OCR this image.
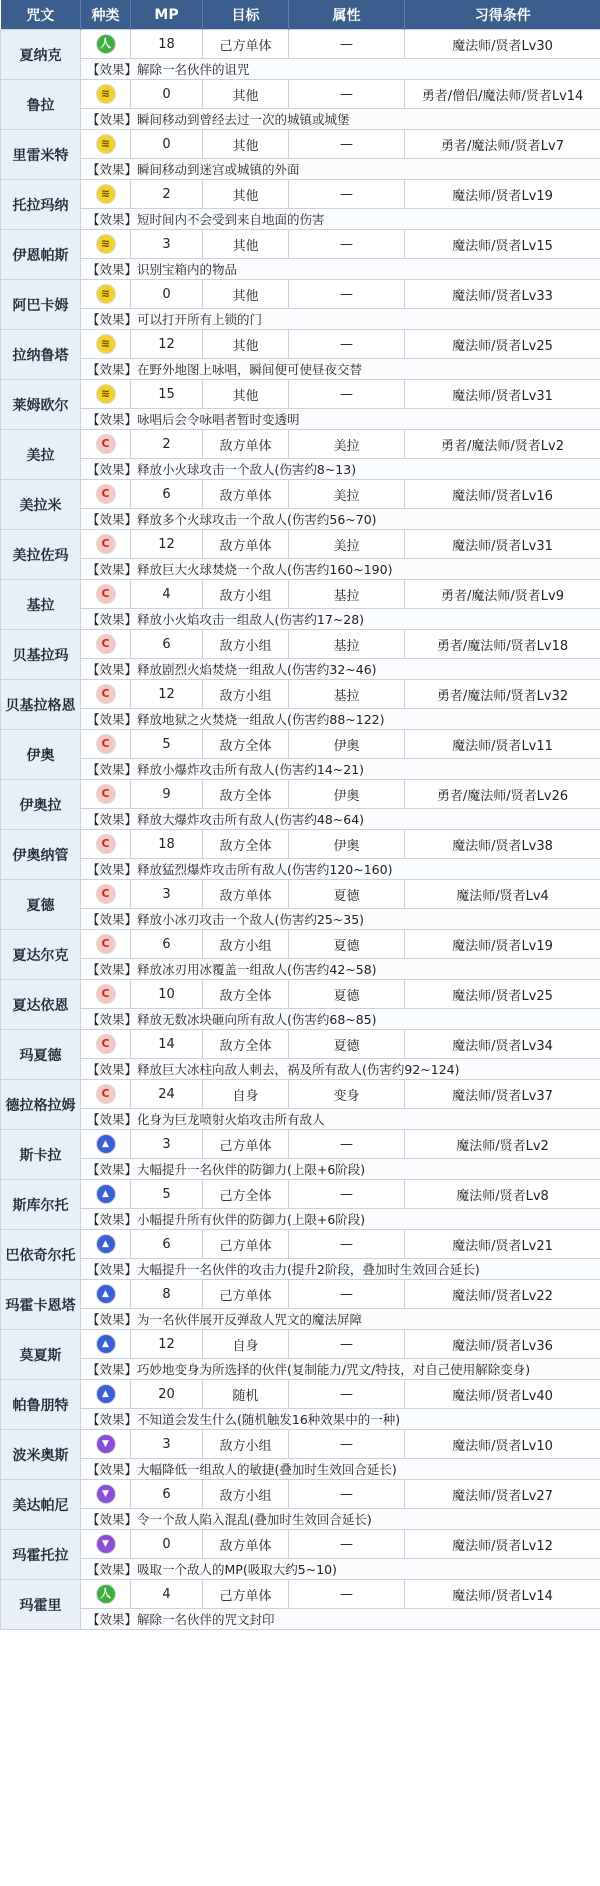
咒文	种类	MP	目标	属性	习得条件
夏纳克	人	18	己方单体	—	魔法师/贤者Lv30
	【效果】解除一名伙伴的诅咒				
鲁拉	≋	0	其他	—	勇者/僧侣/魔法师/贤者Lv14
	【效果】瞬间移动到曾经去过一次的城镇或城堡				
里雷米特	≋	0	其他	—	勇者/魔法师/贤者Lv7
	【效果】瞬间移动到迷宫或城镇的外面				
托拉玛纳	≋	2	其他	—	魔法师/贤者Lv19
	【效果】短时间内不会受到来自地面的伤害				
伊恩帕斯	≋	3	其他	—	魔法师/贤者Lv15
	【效果】识别宝箱内的物品				
阿巴卡姆	≋	0	其他	—	魔法师/贤者Lv33
	【效果】可以打开所有上锁的门				
拉纳鲁塔	≋	12	其他	—	魔法师/贤者Lv25
	【效果】在野外地图上咏唱，瞬间便可使昼夜交替				
莱姆欧尔	≋	15	其他	—	魔法师/贤者Lv31
	【效果】咏唱后会令咏唱者暂时变透明				
美拉	C	2	敌方单体	美拉	勇者/魔法师/贤者Lv2
	【效果】释放小火球攻击一个敌人(伤害约8~13)				
美拉米	C	6	敌方单体	美拉	魔法师/贤者Lv16
	【效果】释放多个火球攻击一个敌人(伤害约56~70)				
美拉佐玛	C	12	敌方单体	美拉	魔法师/贤者Lv31
	【效果】释放巨大火球焚烧一个敌人(伤害约160~190)				
基拉	C	4	敌方小组	基拉	勇者/魔法师/贤者Lv9
	【效果】释放小火焰攻击一组敌人(伤害约17~28)				
贝基拉玛	C	6	敌方小组	基拉	勇者/魔法师/贤者Lv18
	【效果】释放剧烈火焰焚烧一组敌人(伤害约32~46)				
贝基拉格恩	C	12	敌方小组	基拉	勇者/魔法师/贤者Lv32
	【效果】释放地狱之火焚烧一组敌人(伤害约88~122)				
伊奥	C	5	敌方全体	伊奥	魔法师/贤者Lv11
	【效果】释放小爆炸攻击所有敌人(伤害约14~21)				
伊奥拉	C	9	敌方全体	伊奥	勇者/魔法师/贤者Lv26
	【效果】释放大爆炸攻击所有敌人(伤害约48~64)				
伊奥纳管	C	18	敌方全体	伊奥	魔法师/贤者Lv38
	【效果】释放猛烈爆炸攻击所有敌人(伤害约120~160)				
夏德	C	3	敌方单体	夏德	魔法师/贤者Lv4
	【效果】释放小冰刃攻击一个敌人(伤害约25~35)				
夏达尔克	C	6	敌方小组	夏德	魔法师/贤者Lv19
	【效果】释放冰刃用冰覆盖一组敌人(伤害约42~58)				
夏达依恩	C	10	敌方全体	夏德	魔法师/贤者Lv25
	【效果】释放无数冰块砸向所有敌人(伤害约68~85)				
玛夏德	C	14	敌方全体	夏德	魔法师/贤者Lv34
	【效果】释放巨大冰柱向敌人刺去，祸及所有敌人(伤害约92~124)				
德拉格拉姆	C	24	自身	变身	魔法师/贤者Lv37
	【效果】化身为巨龙喷射火焰攻击所有敌人				
斯卡拉	▲	3	己方单体	—	魔法师/贤者Lv2
	【效果】大幅提升一名伙伴的防御力(上限+6阶段)				
斯库尔托	▲	5	己方全体	—	魔法师/贤者Lv8
	【效果】小幅提升所有伙伴的防御力(上限+6阶段)				
巴依奇尔托	▲	6	己方单体	—	魔法师/贤者Lv21
	【效果】大幅提升一名伙伴的攻击力(提升2阶段，叠加时生效回合延长)				
玛霍卡恩塔	▲	8	己方单体	—	魔法师/贤者Lv22
	【效果】为一名伙伴展开反弹敌人咒文的魔法屏障				
莫夏斯	▲	12	自身	—	魔法师/贤者Lv36
	【效果】巧妙地变身为所选择的伙伴(复制能力/咒文/特技，对自己使用解除变身)				
帕鲁朋特	▲	20	随机	—	魔法师/贤者Lv40
	【效果】不知道会发生什么(随机触发16种效果中的一种)				
波米奥斯	▼	3	敌方小组	—	魔法师/贤者Lv10
	【效果】大幅降低一组敌人的敏捷(叠加时生效回合延长)				
美达帕尼	▼	6	敌方小组	—	魔法师/贤者Lv27
	【效果】令一个敌人陷入混乱(叠加时生效回合延长)				
玛霍托拉	▼	0	敌方单体	—	魔法师/贤者Lv12
	【效果】吸取一个敌人的MP(吸取大约5~10)				
玛霍里	人	4	己方单体	—	魔法师/贤者Lv14
	【效果】解除一名伙伴的咒文封印				
